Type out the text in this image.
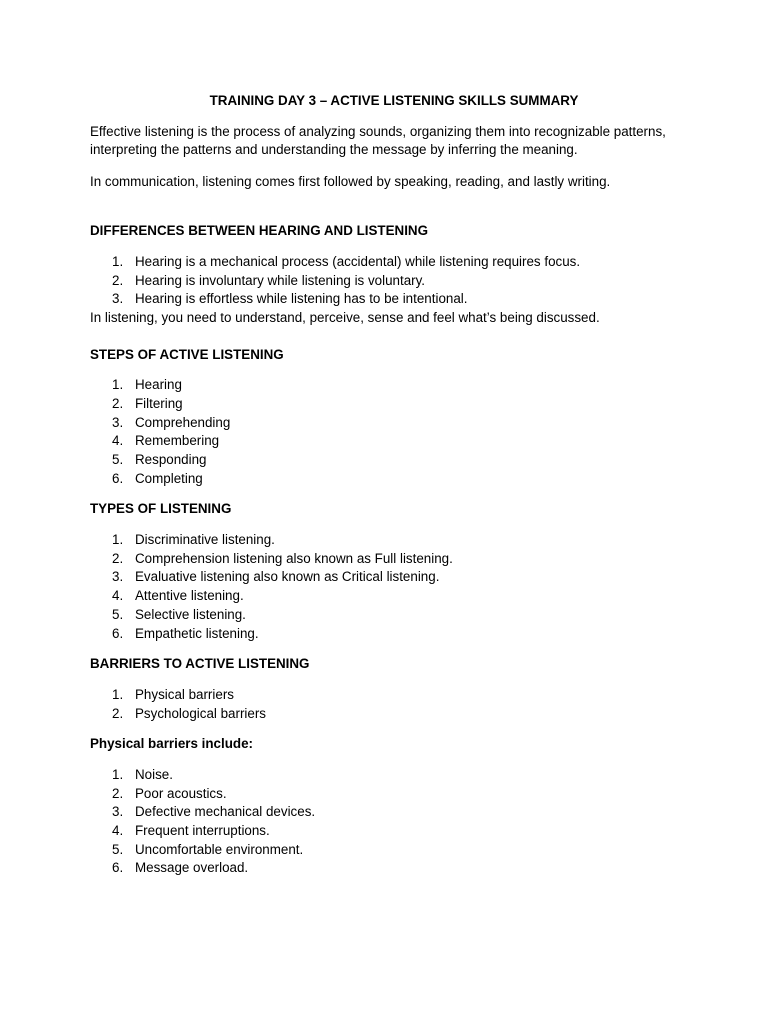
TRAINING DAY 3 – ACTIVE LISTENING SKILLS SUMMARY

Effective listening is the process of analyzing sounds, organizing them into recognizable patterns, interpreting the patterns and understanding the message by inferring the meaning.

In communication, listening comes first followed by speaking, reading, and lastly writing.

DIFFERENCES BETWEEN HEARING AND LISTENING
1. Hearing is a mechanical process (accidental) while listening requires focus.
2. Hearing is involuntary while listening is voluntary.
3. Hearing is effortless while listening has to be intentional.

In listening, you need to understand, perceive, sense and feel what’s being discussed.

STEPS OF ACTIVE LISTENING
1. Hearing
2. Filtering
3. Comprehending
4. Remembering
5. Responding
6. Completing
TYPES OF LISTENING
1. Discriminative listening.
2. Comprehension listening also known as Full listening.
3. Evaluative listening also known as Critical listening.
4. Attentive listening.
5. Selective listening.
6. Empathetic listening.
BARRIERS TO ACTIVE LISTENING
1. Physical barriers
2. Psychological barriers
Physical barriers include:
1. Noise.
2. Poor acoustics.
3. Defective mechanical devices.
4. Frequent interruptions.
5. Uncomfortable environment.
6. Message overload.
